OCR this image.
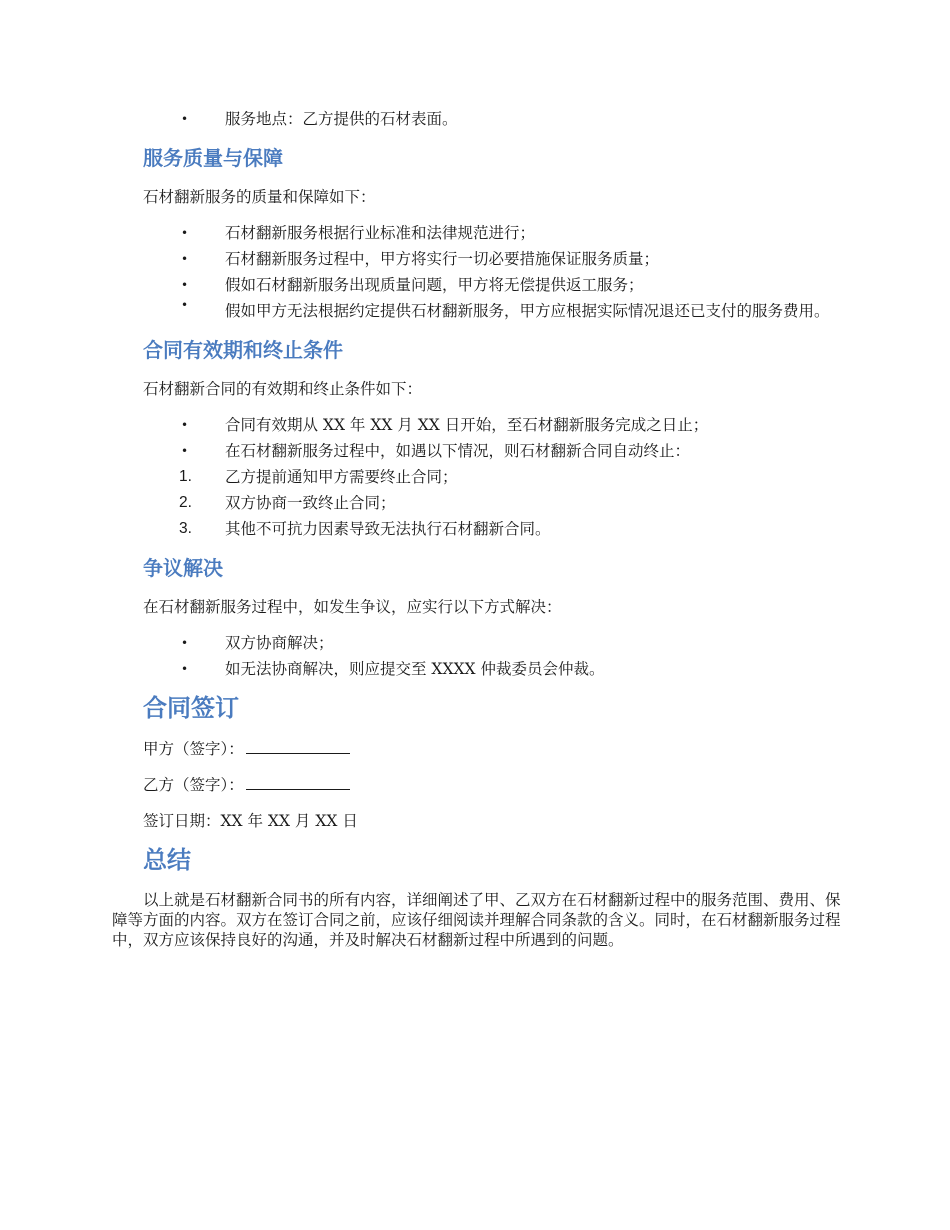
•	服务地点：乙方提供的石材表面。
服务质量与保障

石材翻新服务的质量和保障如下：

•	石材翻新服务根据行业标准和法律规范进行；
•	石材翻新服务过程中，甲方将实行一切必要措施保证服务质量；
•	假如石材翻新服务出现质量问题，甲方将无偿提供返工服务；
•	假如甲方无法根据约定提供石材翻新服务，甲方应根据实际情况退还已支付的服务费用。
合同有效期和终止条件

石材翻新合同的有效期和终止条件如下：

•	合同有效期从 XX 年 XX 月 XX 日开始，至石材翻新服务完成之日止；
•	在石材翻新服务过程中，如遇以下情况，则石材翻新合同自动终止：
1. 乙方提前通知甲方需要终止合同；
2. 双方协商一致终止合同；
3. 其他不可抗力因素导致无法执行石材翻新合同。
争议解决

在石材翻新服务过程中，如发生争议，应实行以下方式解决：

•	双方协商解决；
•	如无法协商解决，则应提交至 XXXX 仲裁委员会仲裁。
合同签订

甲方（签字）：

乙方（签字）：

签订日期：XX 年 XX 月 XX 日

总结

以上就是石材翻新合同书的所有内容，详细阐述了甲、乙双方在石材翻新过程中的服务范围、费用、保障等方面的内容。双方在签订合同之前，应该仔细阅读并理解合同条款的含义。同时，在石材翻新服务过程中，双方应该保持良好的沟通，并及时解决石材翻新过程中所遇到的问题。
